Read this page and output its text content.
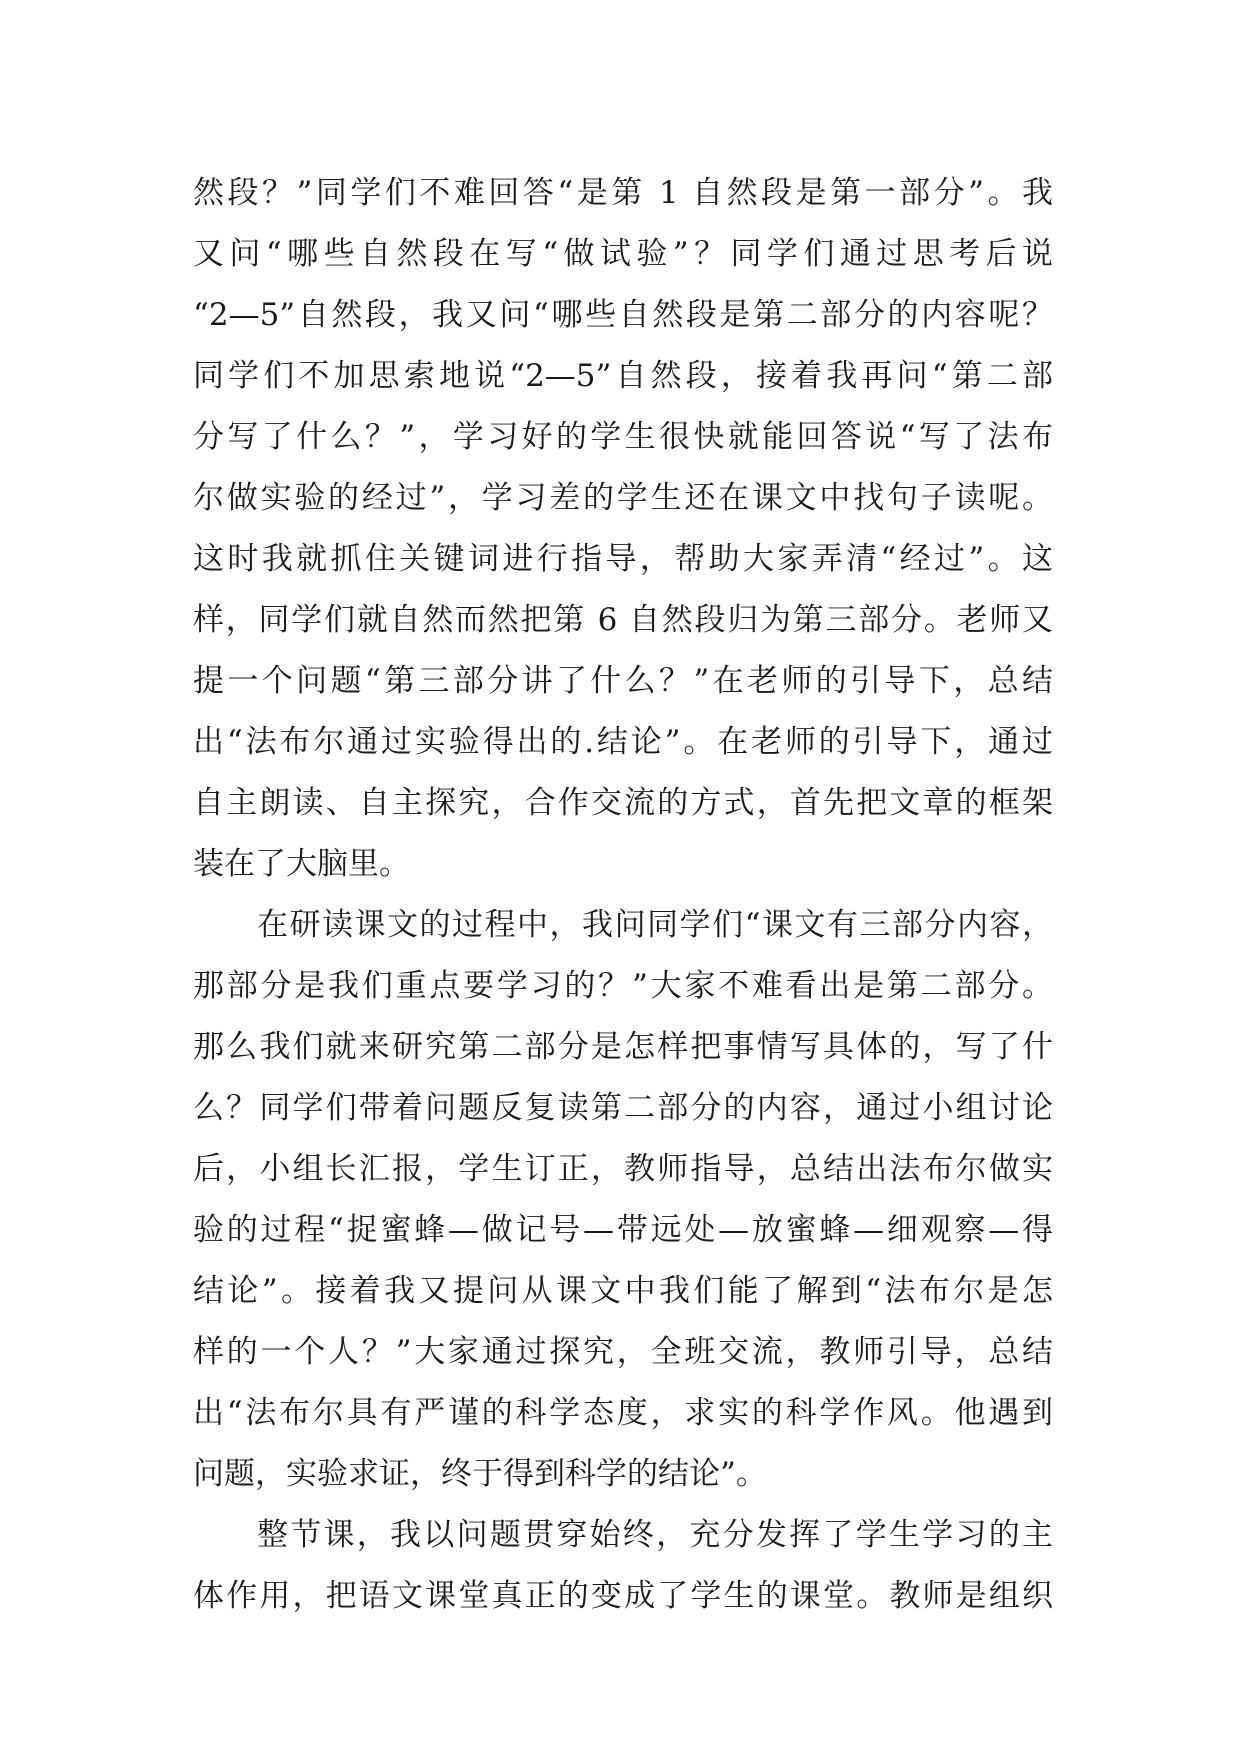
然段？”同学们不难回答“是第 1 自然段是第一部分”。我
又问“哪些自然段在写“做试验”？同学们通过思考后说
“2—5”自然段，我又问“哪些自然段是第二部分的内容呢？
同学们不加思索地说“2—5”自然段，接着我再问“第二部
分写了什么？”，学习好的学生很快就能回答说“写了法布
尔做实验的经过”，学习差的学生还在课文中找句子读呢。
这时我就抓住关键词进行指导，帮助大家弄清“经过”。这
样，同学们就自然而然把第 6 自然段归为第三部分。老师又
提一个问题“第三部分讲了什么？”在老师的引导下，总结
出“法布尔通过实验得出的.结论”。在老师的引导下，通过
自主朗读、自主探究，合作交流的方式，首先把文章的框架
装在了大脑里。
在研读课文的过程中，我问同学们“课文有三部分内容，
那部分是我们重点要学习的？”大家不难看出是第二部分。
那么我们就来研究第二部分是怎样把事情写具体的，写了什
么？同学们带着问题反复读第二部分的内容，通过小组讨论
后，小组长汇报，学生订正，教师指导，总结出法布尔做实
验的过程“捉蜜蜂—做记号—带远处—放蜜蜂—细观察—得
结论”。接着我又提问从课文中我们能了解到“法布尔是怎
样的一个人？”大家通过探究，全班交流，教师引导，总结
出“法布尔具有严谨的科学态度，求实的科学作风。他遇到
问题，实验求证，终于得到科学的结论”。
整节课，我以问题贯穿始终，充分发挥了学生学习的主
体作用，把语文课堂真正的变成了学生的课堂。教师是组织
